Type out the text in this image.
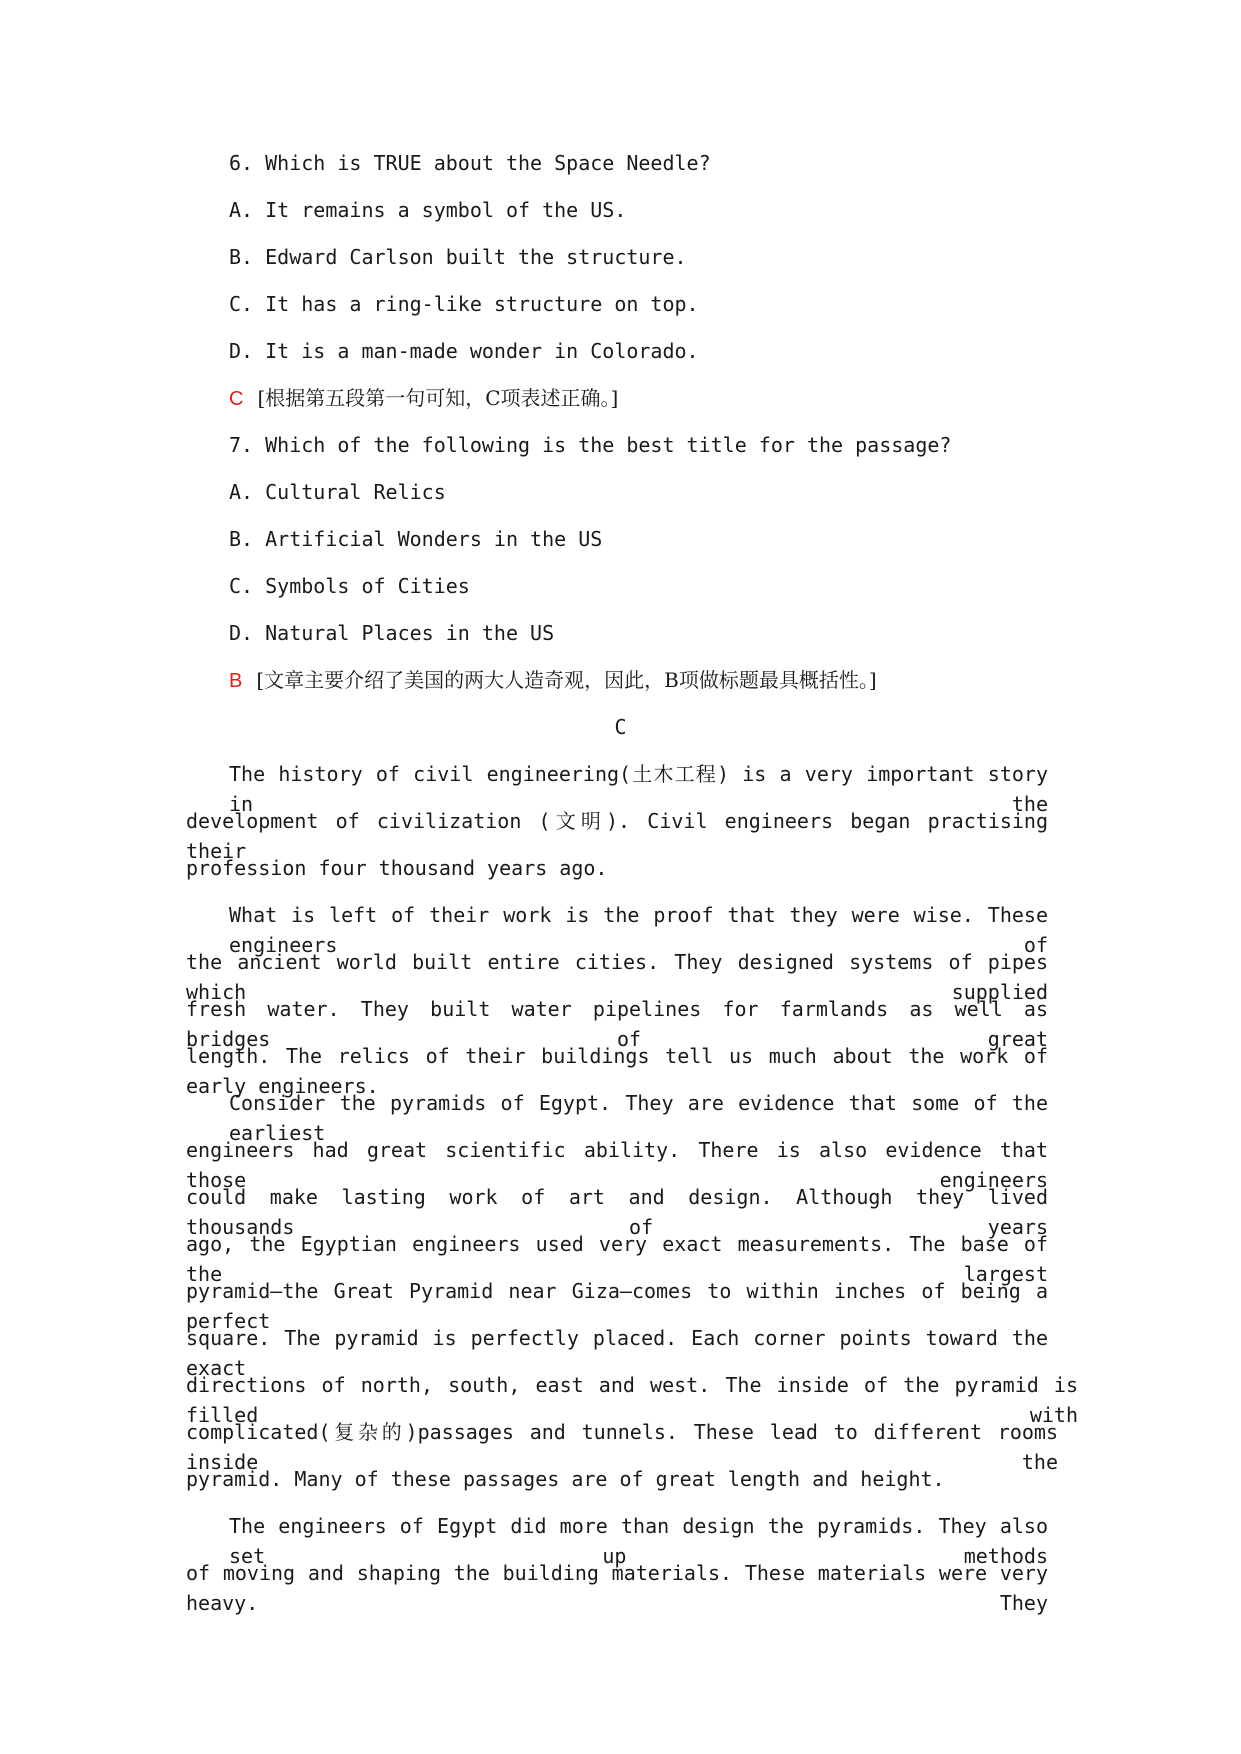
6. Which is TRUE about the Space Needle?
A. It remains a symbol of the US.
B. Edward Carlson built the structure.
C. It has a ring-like structure on top.
D. It is a man-made wonder in Colorado.
C [根据第五段第一句可知，C项表述正确。]
7. Which of the following is the best title for the passage?
A. Cultural Relics
B. Artificial Wonders in the US
C. Symbols of Cities
D. Natural Places in the US
B [文章主要介绍了美国的两大人造奇观，因此，B项做标题最具概括性。]
C
The history of civil engineering(土木工程) is a very important story in the
development of civilization (文明). Civil engineers began practising their
profession four thousand years ago.
What is left of their work is the proof that they were wise. These engineers of
the ancient world built entire cities. They designed systems of pipes which supplied
fresh water. They built water pipelines for farmlands as well as bridges of great
length. The relics of their buildings tell us much about the work of early engineers.
Consider the pyramids of Egypt. They are evidence that some of the earliest
engineers had great scientific ability. There is also evidence that those engineers
could make lasting work of art and design. Although they lived thousands of years
ago, the Egyptian engineers used very exact measurements. The base of the largest
pyramid—the Great Pyramid near Giza—comes to within inches of being a perfect
square. The pyramid is perfectly placed. Each corner points toward the exact
directions of north, south, east and west. The inside of the pyramid is filled with
complicated(复杂的)passages and tunnels. These lead to different rooms inside the
pyramid. Many of these passages are of great length and height.
The engineers of Egypt did more than design the pyramids. They also set up methods
of moving and shaping the building materials. These materials were very heavy. They
